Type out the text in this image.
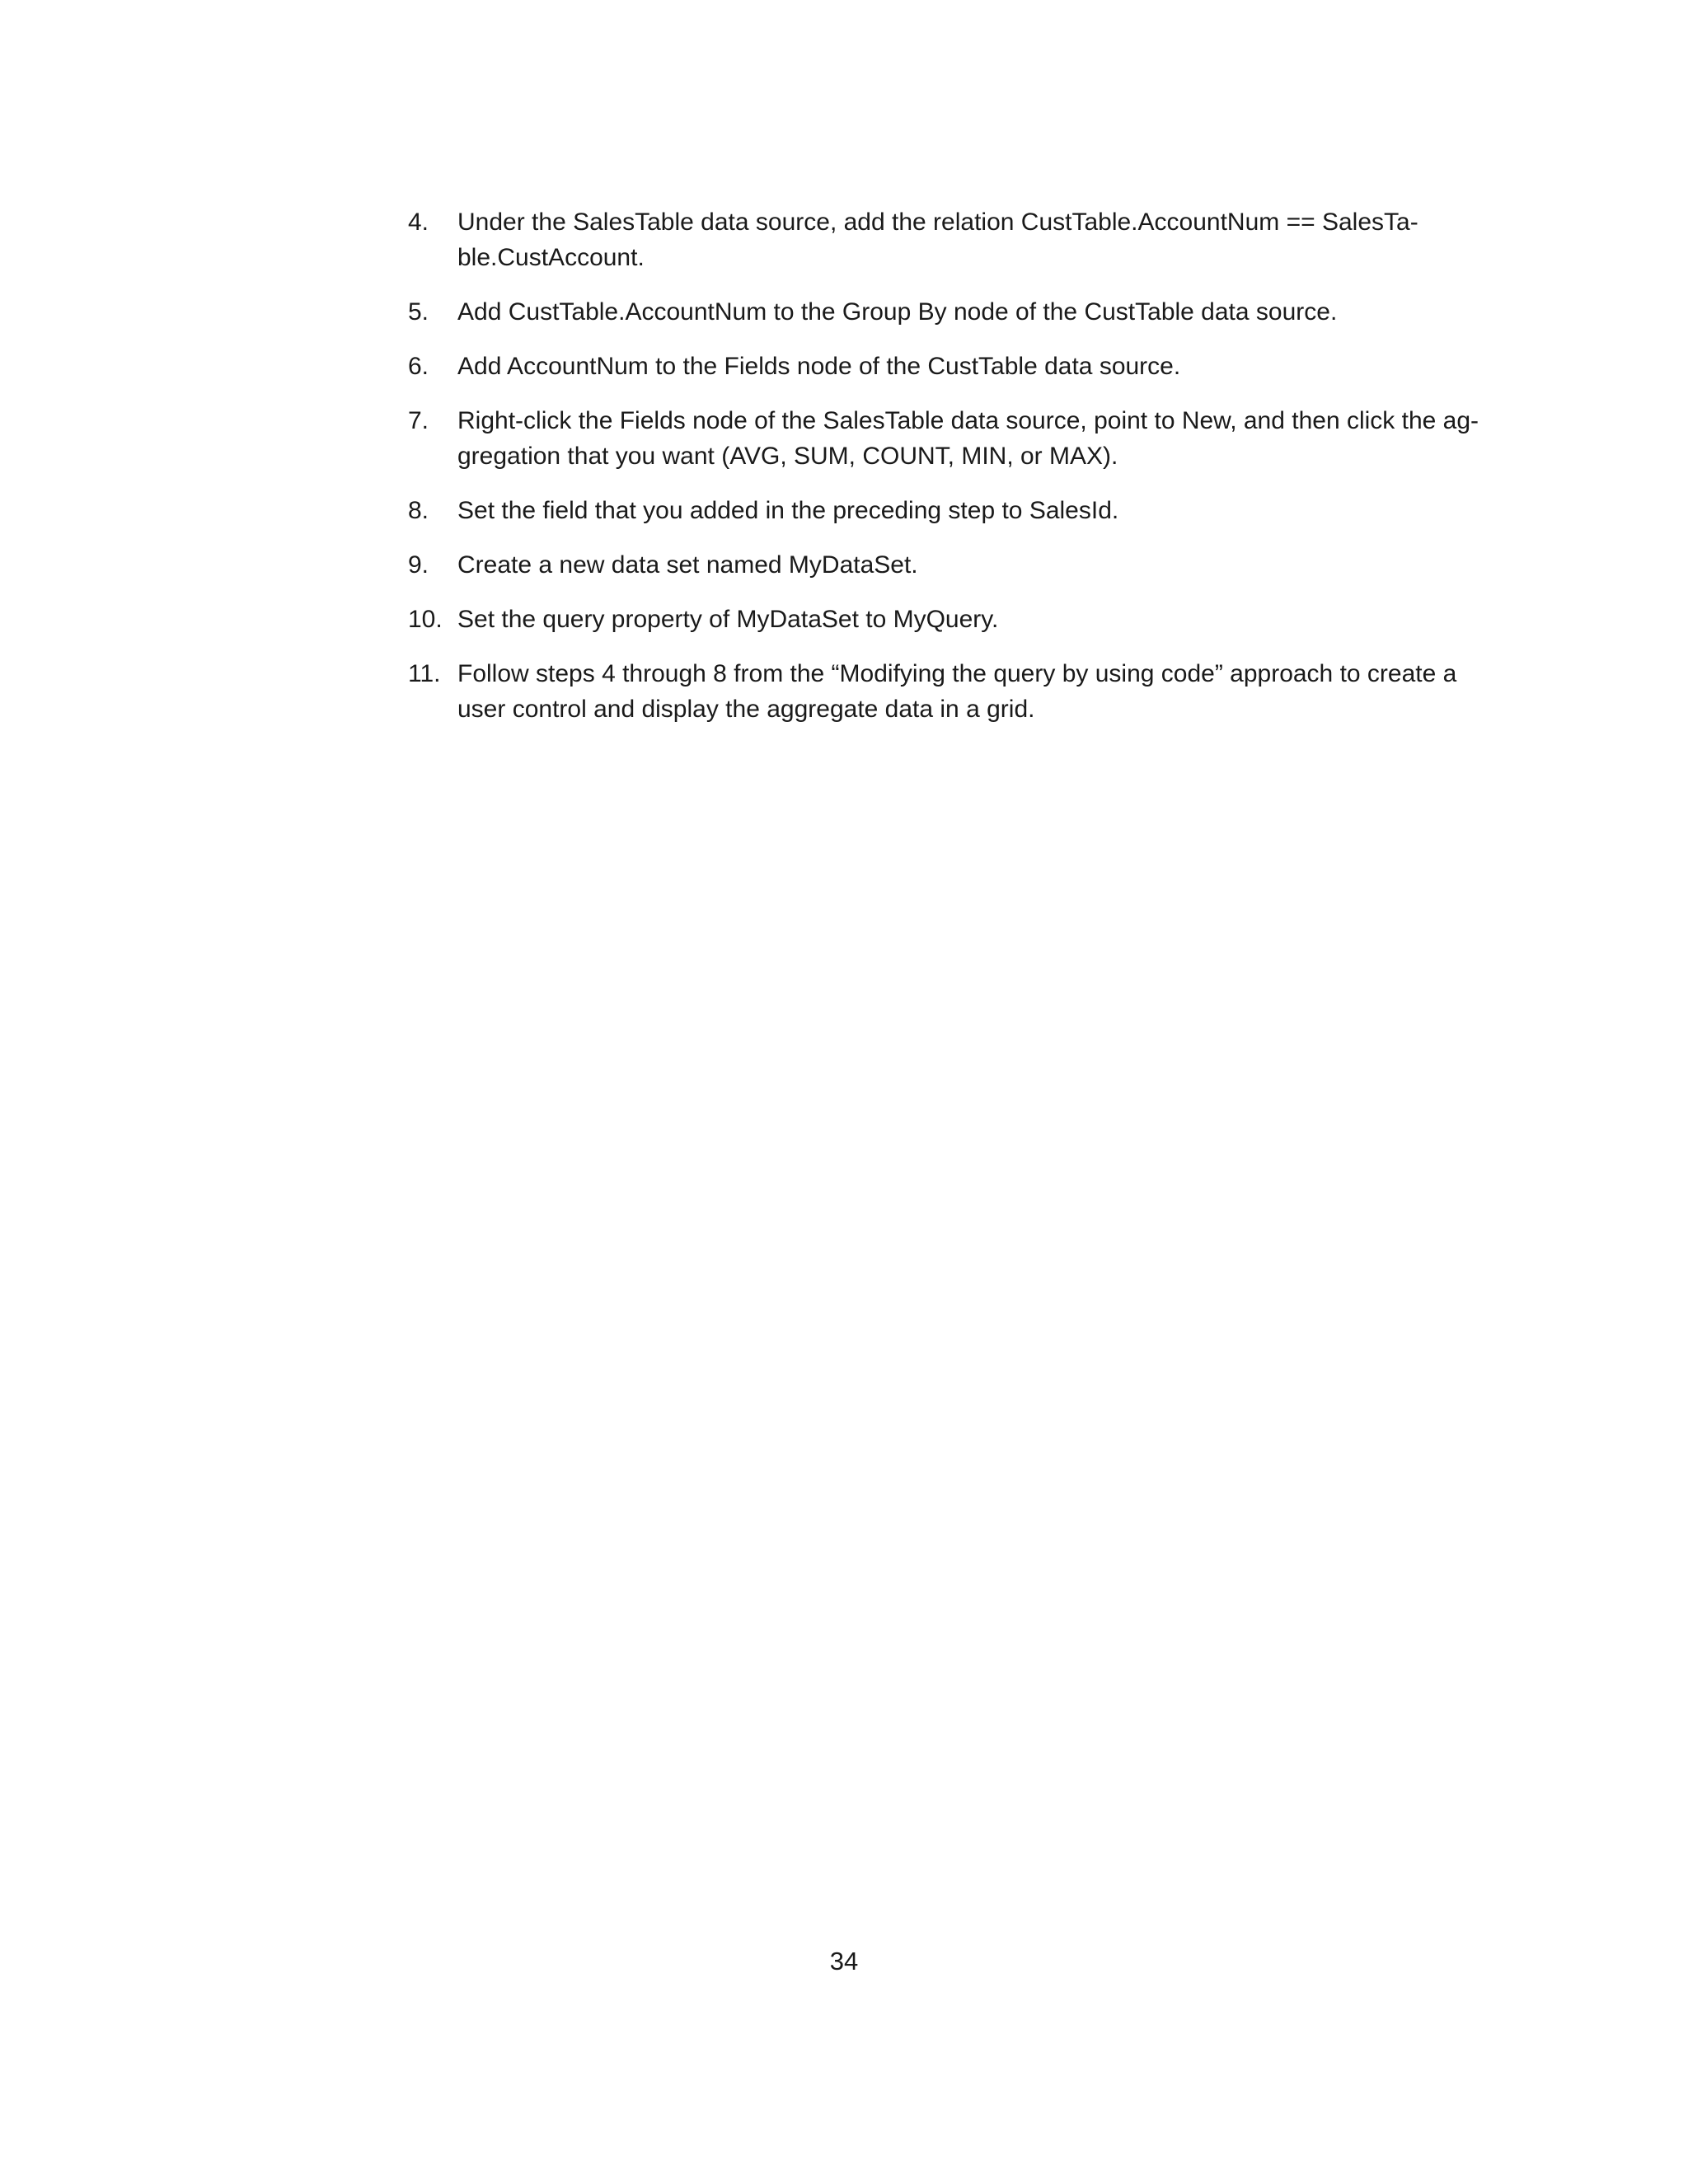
4.	Under the SalesTable data source, add the relation CustTable.AccountNum == SalesTa-
ble.CustAccount.
5.	Add CustTable.AccountNum to the Group By node of the CustTable data source.
6.	Add AccountNum to the Fields node of the CustTable data source.
7.	Right-click the Fields node of the SalesTable data source, point to New, and then click the ag-
gregation that you want (AVG, SUM, COUNT, MIN, or MAX).
8.	Set the field that you added in the preceding step to SalesId.
9.	Create a new data set named MyDataSet.
10. Set the query property of MyDataSet to MyQuery.
11. Follow steps 4 through 8 from the “Modifying the query by using code” approach to create a
user control and display the aggregate data in a grid.
34
